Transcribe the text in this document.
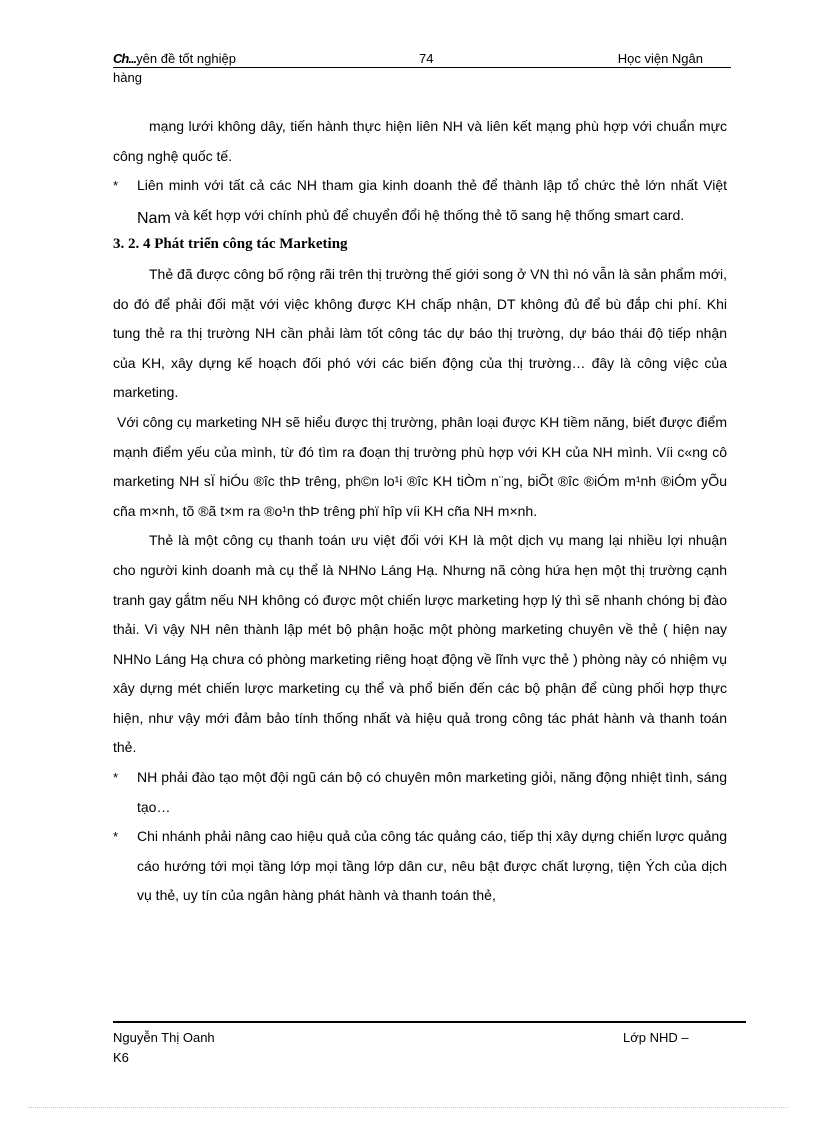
Ch...yên đề tốt nghiệp	74	Học viện Ngân
hàng

mạng lưới không dây, tiến hành thực hiện liên NH và liên kết mạng phù hợp với chuẩn mực công nghệ quốc tế.

* Liên minh với tất cả các NH tham gia kinh doanh thẻ để thành lập tổ chức thẻ lớn nhất Việt Nam và kết hợp với chính phủ để chuyển đổi hệ thống thẻ tõ sang hệ thống smart card.

3. 2. 4 Phát triển công tác Marketing

Thẻ đã được công bố rộng rãi trên thị trường thế giới song ở VN thì nó vẫn là sản phẩm mới, do đó để phải đối mặt với việc không được KH chấp nhận, DT không đủ để bù đắp chi phí. Khi tung thẻ ra thị trường NH cần phải làm tốt công tác dự báo thị trường, dự báo thái độ tiếp nhận của KH, xây dựng kế hoạch đối phó với các biến động của thị trường… đây là công việc của marketing.

Với công cụ marketing NH sẽ hiểu được thị trường, phân loại được KH tiềm năng, biết được điểm mạnh điểm yếu của mình, từ đó tìm ra đoạn thị trường phù hợp với KH của NH mình. Víi c«ng cô marketing NH sÏ hiÓu ®îc thÞ trêng, ph©n lo¹i ®îc KH tiÒm n¨ng, biÕt ®îc ®iÓm m¹nh ®iÓm yÕu cña m×nh, tõ ®ã t×m ra ®o¹n thÞ trêng phï hîp víi KH cña NH m×nh.

Thẻ là một công cụ thanh toán ưu việt đối với KH là một dịch vụ mang lại nhiều lợi nhuận cho người kinh doanh mà cụ thể là NHNo Láng Hạ. Nhưng nã còng hứa hẹn một thị trường cạnh tranh gay gắtm nếu NH không có được một chiến lược marketing hợp lý thì sẽ nhanh chóng bị đào thải. Vì vậy NH nên thành lập mét bộ phận hoặc một phòng marketing chuyên về thẻ ( hiện nay NHNo Láng Hạ chưa có phòng marketing riêng hoạt động về lĩnh vực thẻ ) phòng này có nhiệm vụ xây dựng mét chiến lược marketing cụ thể và phổ biến đến các bộ phận để cùng phối hợp thực hiện, như vậy mới đảm bảo tính thống nhất và hiệu quả trong công tác phát hành và thanh toán thẻ.

* NH phải đào tạo một đội ngũ cán bộ có chuyên môn marketing giỏi, năng động nhiệt tình, sáng tạo…

* Chi nhánh phải nâng cao hiệu quả của công tác quảng cáo, tiếp thị xây dựng chiến lược quảng cáo hướng tới mọi tầng lớp mọi tầng lớp dân cư, nêu bật được chất lượng, tiện Ých của dịch vụ thẻ, uy tín của ngân hàng phát hành và thanh toán thẻ,

Nguyễn Thị Oanh	Lớp NHD –
K6
